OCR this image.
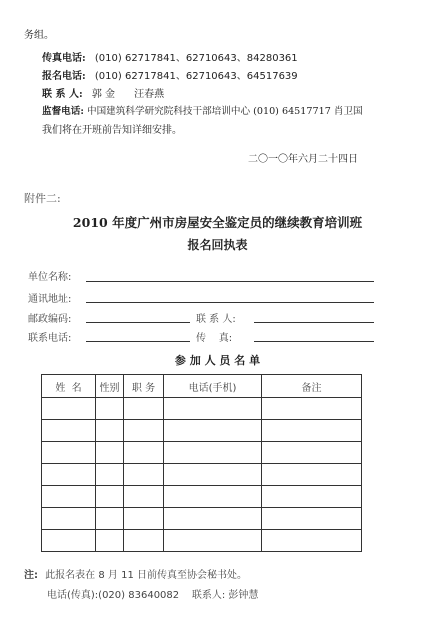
务组。
传真电话: (010) 62717841、62710643、84280361
报名电话: (010) 62717841、62710643、64517639
联 系 人: 郭 金      汪春燕
监督电话: 中国建筑科学研究院科技干部培训中心 (010) 64517717 肖卫国
我们将在开班前告知详细安排。
二〇一〇年六月二十四日
附件二:
2010 年度广州市房屋安全鉴定员的继续教育培训班
报名回执表
单位名称:
通讯地址:
邮政编码:	联 系 人:
联系电话:	传    真:
参 加 人 员 名 单
姓  名	性别	职 务	电话(手机)	备注

注: 此报名表在 8 月 11 日前传真至协会秘书处。
电话(传真):(020) 83640082    联系人: 彭钟慧
